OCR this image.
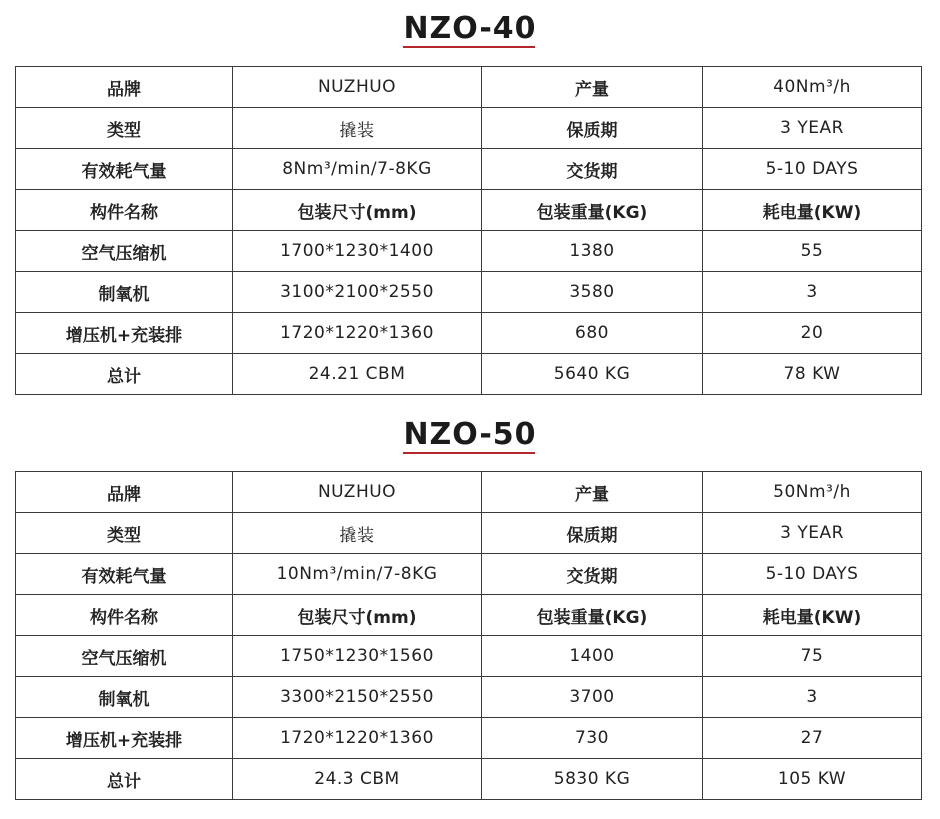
NZO-40
品牌	NUZHUO	产量	40Nm³/h
类型	撬装	保质期	3 YEAR
有效耗气量	8Nm³/min/7-8KG	交货期	5-10 DAYS
构件名称	包装尺寸(mm)	包装重量(KG)	耗电量(KW)
空气压缩机	1700*1230*1400	1380	55
制氧机	3100*2100*2550	3580	3
增压机+充装排	1720*1220*1360	680	20
总计	24.21 CBM	5640 KG	78 KW
NZO-50
品牌	NUZHUO	产量	50Nm³/h
类型	撬装	保质期	3 YEAR
有效耗气量	10Nm³/min/7-8KG	交货期	5-10 DAYS
构件名称	包装尺寸(mm)	包装重量(KG)	耗电量(KW)
空气压缩机	1750*1230*1560	1400	75
制氧机	3300*2150*2550	3700	3
增压机+充装排	1720*1220*1360	730	27
总计	24.3 CBM	5830 KG	105 KW
